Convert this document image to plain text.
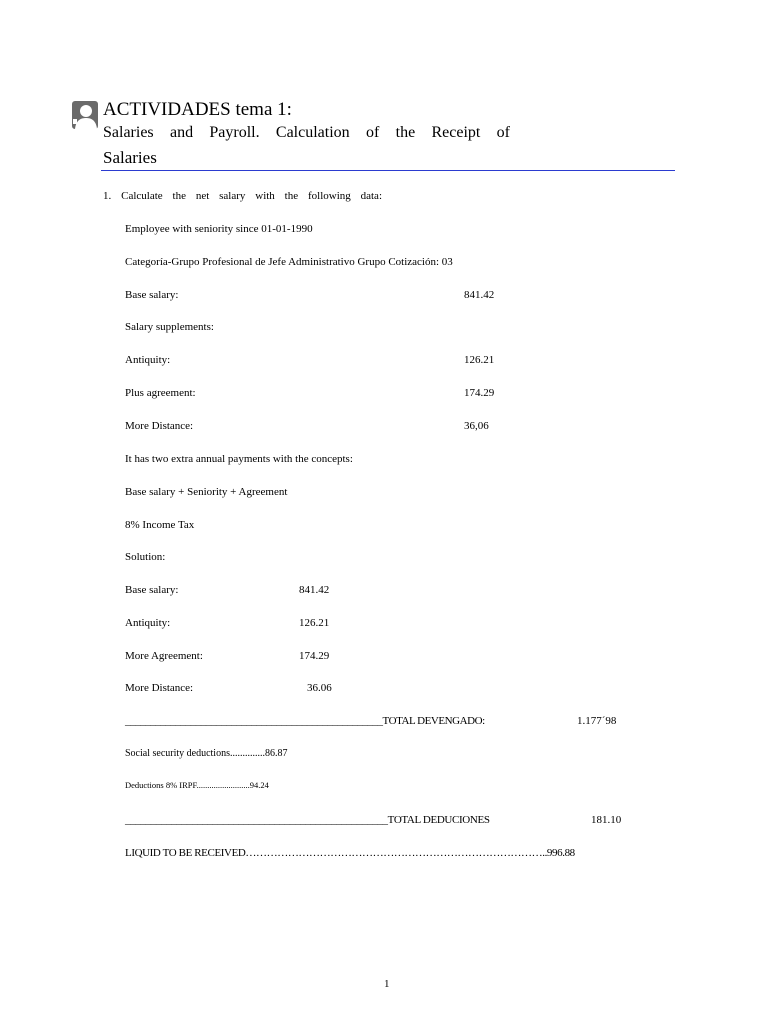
ACTIVIDADES tema 1:
Salaries and Payroll. Calculation of the Receipt of
Salaries
1. Calculate the net salary with the following data:
Employee with seniority since 01-01-1990
Categoría-Grupo Profesional de Jefe Administrativo Grupo Cotización: 03
Base salary:	841.42
Salary supplements:
Antiquity:	126.21
Plus agreement:	174.29
More Distance:	36,06
It has two extra annual payments with the concepts:
Base salary + Seniority + Agreement
8% Income Tax
Solution:
Base salary:	841.42
Antiquity:	126.21
More Agreement:	174.29
More Distance:	36.06
___________________________________________________TOTAL DEVENGADO:	1.177´98
Social security deductions..............86.87
Deductions 8% IRPF.........................94.24
___________________________________________________TOTAL DEDUCIONES	181.10
LIQUID TO BE RECEIVED…………………………………………………………………………..996.88
1
